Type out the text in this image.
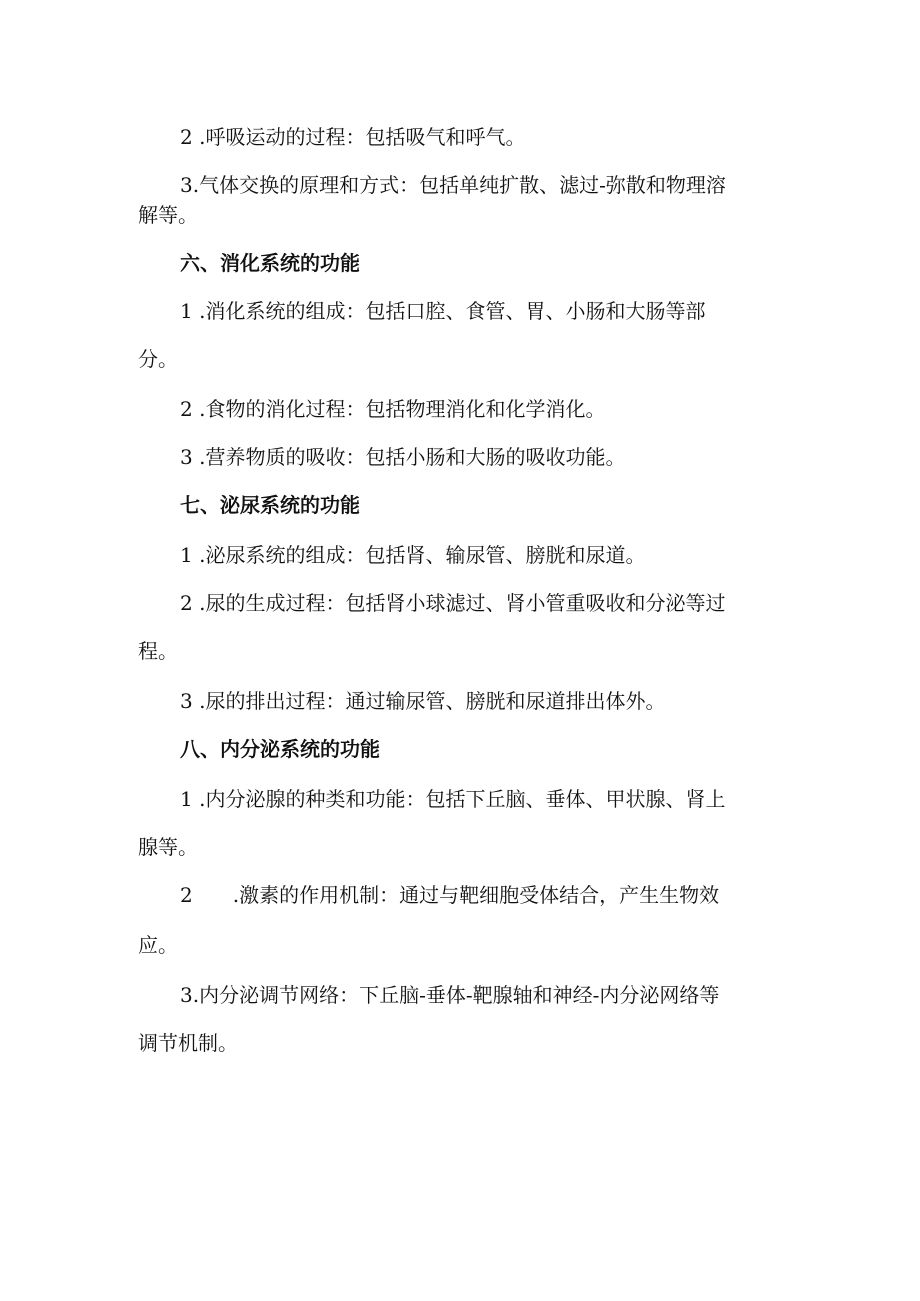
2 .呼吸运动的过程：包括吸气和呼气。
3.气体交换的原理和方式：包括单纯扩散、滤过-弥散和物理溶
解等。
六、消化系统的功能
1 .消化系统的组成：包括口腔、食管、胃、小肠和大肠等部
分。
2 .食物的消化过程：包括物理消化和化学消化。
3 .营养物质的吸收：包括小肠和大肠的吸收功能。
七、泌尿系统的功能
1 .泌尿系统的组成：包括肾、输尿管、膀胱和尿道。
2 .尿的生成过程：包括肾小球滤过、肾小管重吸收和分泌等过
程。
3 .尿的排出过程：通过输尿管、膀胱和尿道排出体外。
八、内分泌系统的功能
1 .内分泌腺的种类和功能：包括下丘脑、垂体、甲状腺、肾上
腺等。
2 .激素的作用机制：通过与靶细胞受体结合，产生生物效
应。
3.内分泌调节网络：下丘脑-垂体-靶腺轴和神经-内分泌网络等
调节机制。
